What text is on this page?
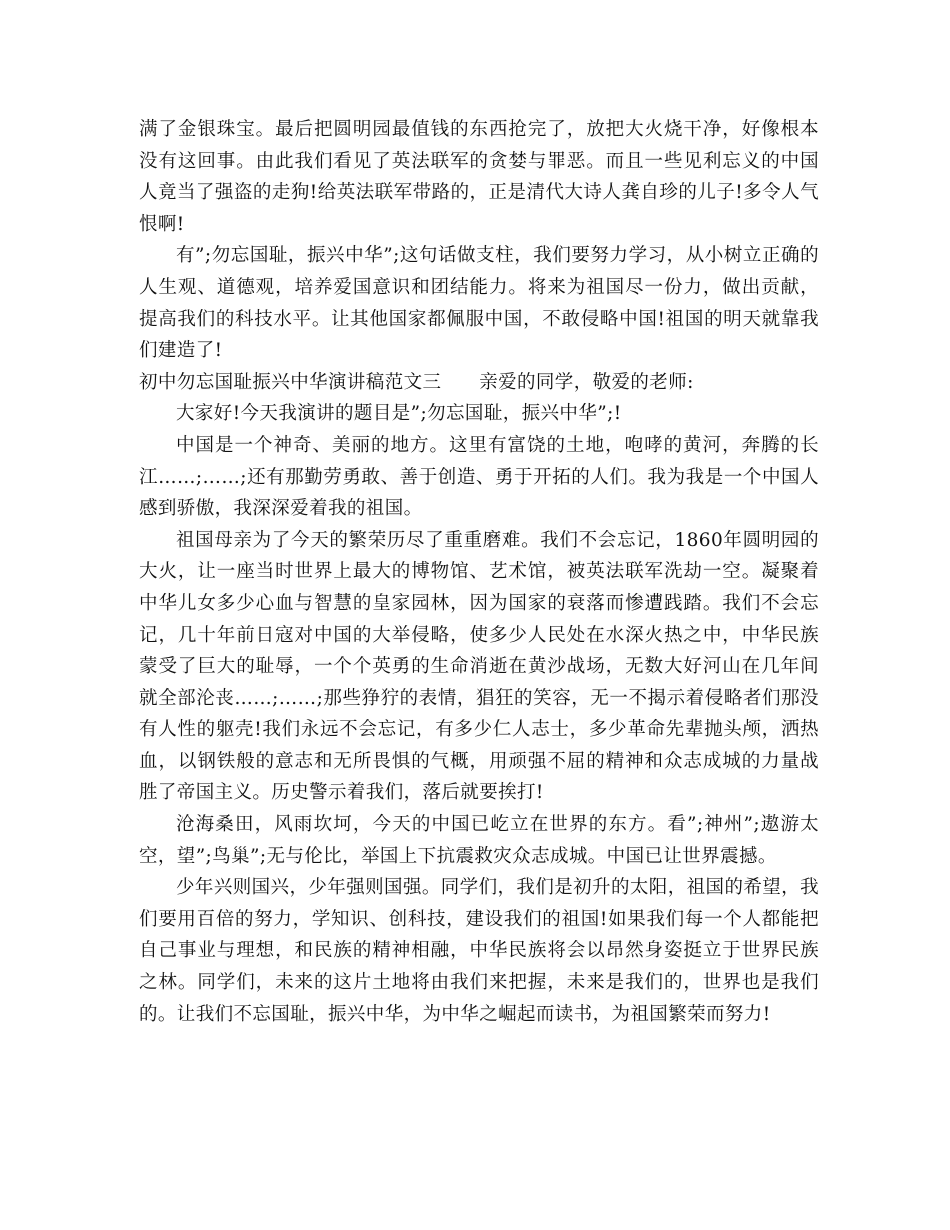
满了金银珠宝。最后把圆明园最值钱的东西抢完了，放把大火烧干净，好像根本没有这回事。由此我们看见了英法联军的贪婪与罪恶。而且一些见利忘义的中国人竟当了强盗的走狗!给英法联军带路的，正是清代大诗人龚自珍的儿子!多令人气恨啊!

有”;勿忘国耻，振兴中华”;这句话做支柱，我们要努力学习，从小树立正确的人生观、道德观，培养爱国意识和团结能力。将来为祖国尽一份力，做出贡献，提高我们的科技水平。让其他国家都佩服中国，不敢侵略中国!祖国的明天就靠我们建造了!

初中勿忘国耻振兴中华演讲稿范文三　　亲爱的同学，敬爱的老师:

大家好!今天我演讲的题目是”;勿忘国耻，振兴中华”;!

中国是一个神奇、美丽的地方。这里有富饶的土地，咆哮的黄河，奔腾的长江……;……;还有那勤劳勇敢、善于创造、勇于开拓的人们。我为我是一个中国人感到骄傲，我深深爱着我的祖国。

祖国母亲为了今天的繁荣历尽了重重磨难。我们不会忘记，1860年圆明园的大火，让一座当时世界上最大的博物馆、艺术馆，被英法联军洗劫一空。凝聚着中华儿女多少心血与智慧的皇家园林，因为国家的衰落而惨遭践踏。我们不会忘记，几十年前日寇对中国的大举侵略，使多少人民处在水深火热之中，中华民族蒙受了巨大的耻辱，一个个英勇的生命消逝在黄沙战场，无数大好河山在几年间就全部沦丧……;……;那些狰狞的表情，猖狂的笑容，无一不揭示着侵略者们那没有人性的躯壳!我们永远不会忘记，有多少仁人志士，多少革命先辈抛头颅，洒热血，以钢铁般的意志和无所畏惧的气概，用顽强不屈的精神和众志成城的力量战胜了帝国主义。历史警示着我们，落后就要挨打!

沧海桑田，风雨坎坷，今天的中国已屹立在世界的东方。看”;神州”;遨游太空，望”;鸟巢”;无与伦比，举国上下抗震救灾众志成城。中国已让世界震撼。

少年兴则国兴，少年强则国强。同学们，我们是初升的太阳，祖国的希望，我们要用百倍的努力，学知识、创科技，建设我们的祖国!如果我们每一个人都能把自己事业与理想，和民族的精神相融，中华民族将会以昂然身姿挺立于世界民族之林。同学们，未来的这片土地将由我们来把握，未来是我们的，世界也是我们的。让我们不忘国耻，振兴中华，为中华之崛起而读书，为祖国繁荣而努力!
